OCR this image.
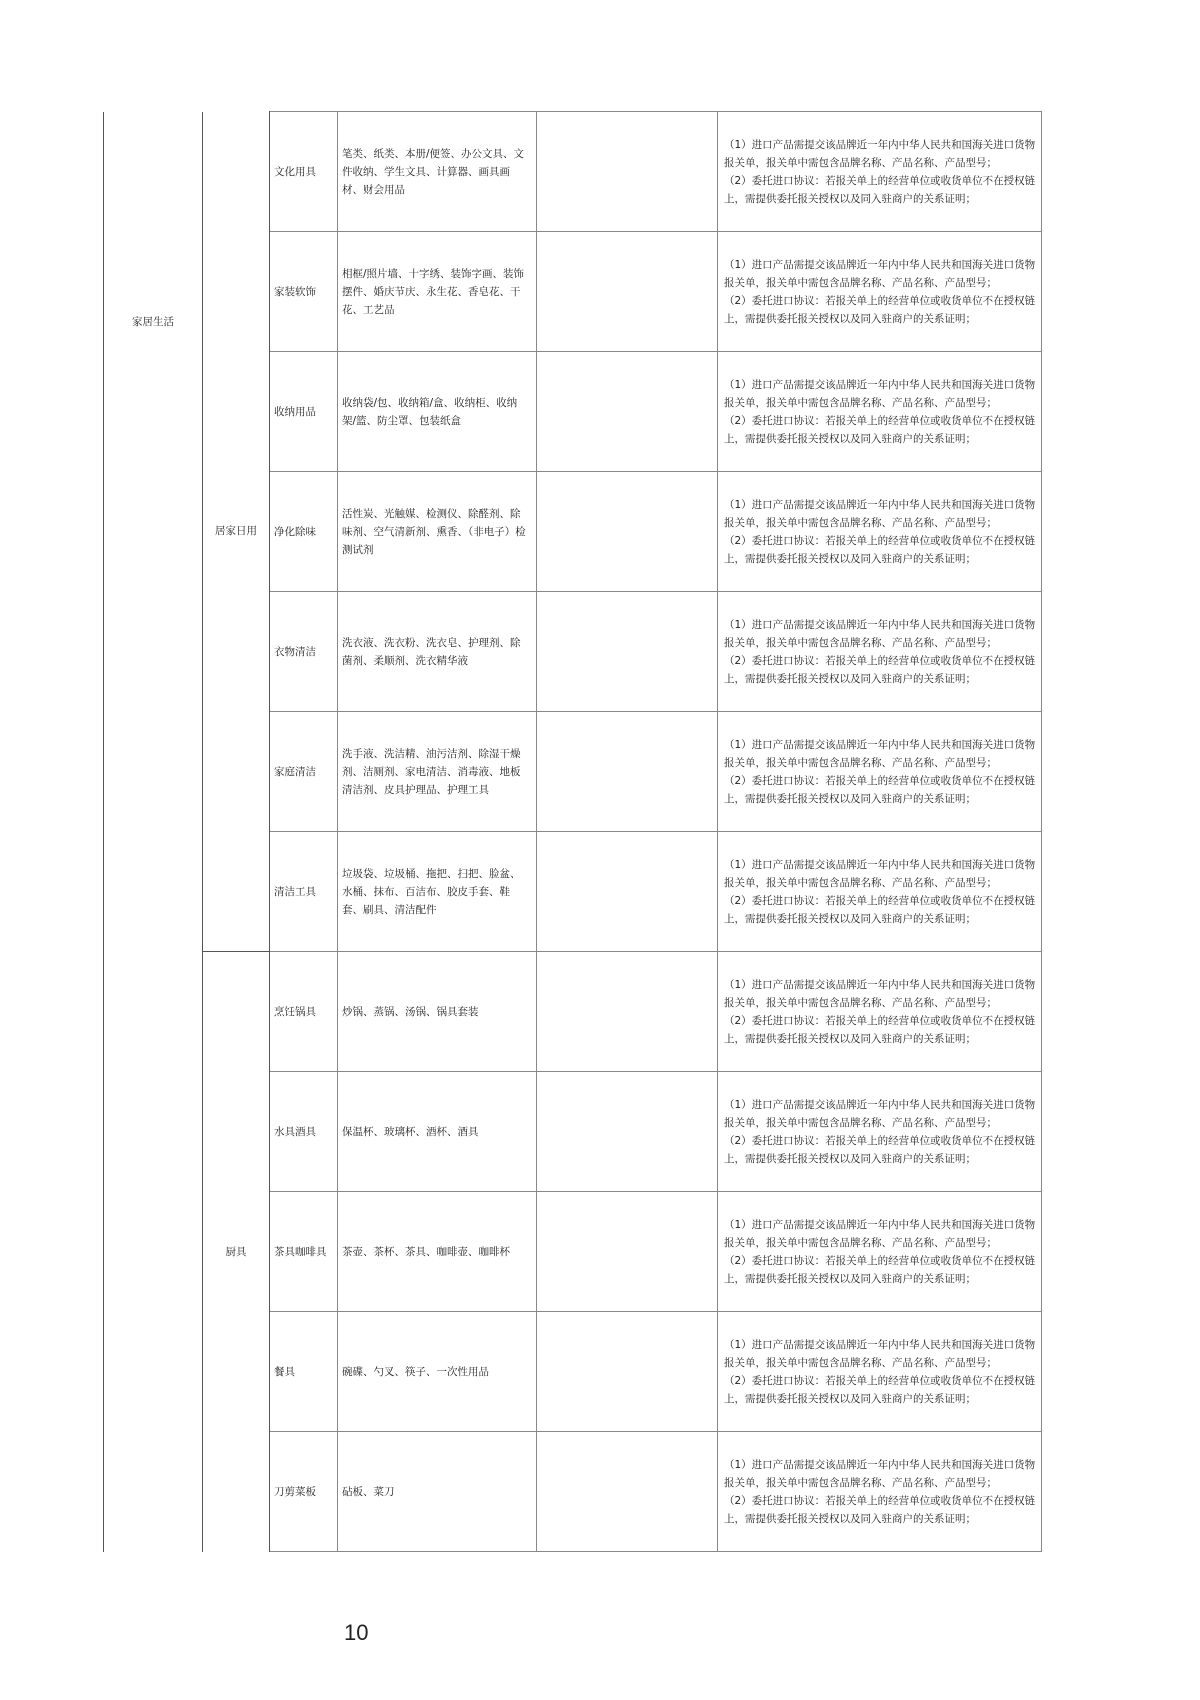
家居生活	居家日用	文化用具	笔类、纸类、本册/便签、办公文具、文件收纳、学生文具、计算器、画具画材、财会用品		（1）进口产品需提交该品牌近一年内中华人民共和国海关进口货物报关单，报关单中需包含品牌名称、产品名称、产品型号；
（2）委托进口协议：若报关单上的经营单位或收货单位不在授权链上，需提供委托报关授权以及同入驻商户的关系证明；

		家装软饰	相框/照片墙、十字绣、装饰字画、装饰摆件、婚庆节庆、永生花、香皂花、干花、工艺品		（1）进口产品需提交该品牌近一年内中华人民共和国海关进口货物报关单，报关单中需包含品牌名称、产品名称、产品型号；
（2）委托进口协议：若报关单上的经营单位或收货单位不在授权链上，需提供委托报关授权以及同入驻商户的关系证明；

		收纳用品	收纳袋/包、收纳箱/盒、收纳柜、收纳架/篮、防尘罩、包装纸盒		（1）进口产品需提交该品牌近一年内中华人民共和国海关进口货物报关单，报关单中需包含品牌名称、产品名称、产品型号；
（2）委托进口协议：若报关单上的经营单位或收货单位不在授权链上，需提供委托报关授权以及同入驻商户的关系证明；

		净化除味	活性炭、光触媒、检测仪、除醛剂、除味剂、空气清新剂、熏香、（非电子）检测试剂		（1）进口产品需提交该品牌近一年内中华人民共和国海关进口货物报关单，报关单中需包含品牌名称、产品名称、产品型号；
（2）委托进口协议：若报关单上的经营单位或收货单位不在授权链上，需提供委托报关授权以及同入驻商户的关系证明；

		衣物清洁	洗衣液、洗衣粉、洗衣皂、护理剂、除菌剂、柔顺剂、洗衣精华液		（1）进口产品需提交该品牌近一年内中华人民共和国海关进口货物报关单，报关单中需包含品牌名称、产品名称、产品型号；
（2）委托进口协议：若报关单上的经营单位或收货单位不在授权链上，需提供委托报关授权以及同入驻商户的关系证明；

		家庭清洁	洗手液、洗洁精、油污洁剂、除湿干燥剂、洁厕剂、家电清洁、消毒液、地板清洁剂、皮具护理品、护理工具		（1）进口产品需提交该品牌近一年内中华人民共和国海关进口货物报关单，报关单中需包含品牌名称、产品名称、产品型号；
（2）委托进口协议：若报关单上的经营单位或收货单位不在授权链上，需提供委托报关授权以及同入驻商户的关系证明；

		清洁工具	垃圾袋、垃圾桶、拖把、扫把、脸盆、水桶、抹布、百洁布、胶皮手套、鞋套、刷具、清洁配件		（1）进口产品需提交该品牌近一年内中华人民共和国海关进口货物报关单，报关单中需包含品牌名称、产品名称、产品型号；
（2）委托进口协议：若报关单上的经营单位或收货单位不在授权链上，需提供委托报关授权以及同入驻商户的关系证明；

	厨具	烹饪锅具	炒锅、蒸锅、汤锅、锅具套装		（1）进口产品需提交该品牌近一年内中华人民共和国海关进口货物报关单，报关单中需包含品牌名称、产品名称、产品型号；
（2）委托进口协议：若报关单上的经营单位或收货单位不在授权链上，需提供委托报关授权以及同入驻商户的关系证明；

		水具酒具	保温杯、玻璃杯、酒杯、酒具		（1）进口产品需提交该品牌近一年内中华人民共和国海关进口货物报关单，报关单中需包含品牌名称、产品名称、产品型号；
（2）委托进口协议：若报关单上的经营单位或收货单位不在授权链上，需提供委托报关授权以及同入驻商户的关系证明；

		茶具咖啡具	茶壶、茶杯、茶具、咖啡壶、咖啡杯		（1）进口产品需提交该品牌近一年内中华人民共和国海关进口货物报关单，报关单中需包含品牌名称、产品名称、产品型号；
（2）委托进口协议：若报关单上的经营单位或收货单位不在授权链上，需提供委托报关授权以及同入驻商户的关系证明；

		餐具	碗碟、勺叉、筷子、一次性用品		（1）进口产品需提交该品牌近一年内中华人民共和国海关进口货物报关单，报关单中需包含品牌名称、产品名称、产品型号；
（2）委托进口协议：若报关单上的经营单位或收货单位不在授权链上，需提供委托报关授权以及同入驻商户的关系证明；

		刀剪菜板	砧板、菜刀		（1）进口产品需提交该品牌近一年内中华人民共和国海关进口货物报关单，报关单中需包含品牌名称、产品名称、产品型号；
（2）委托进口协议：若报关单上的经营单位或收货单位不在授权链上，需提供委托报关授权以及同入驻商户的关系证明；
10
